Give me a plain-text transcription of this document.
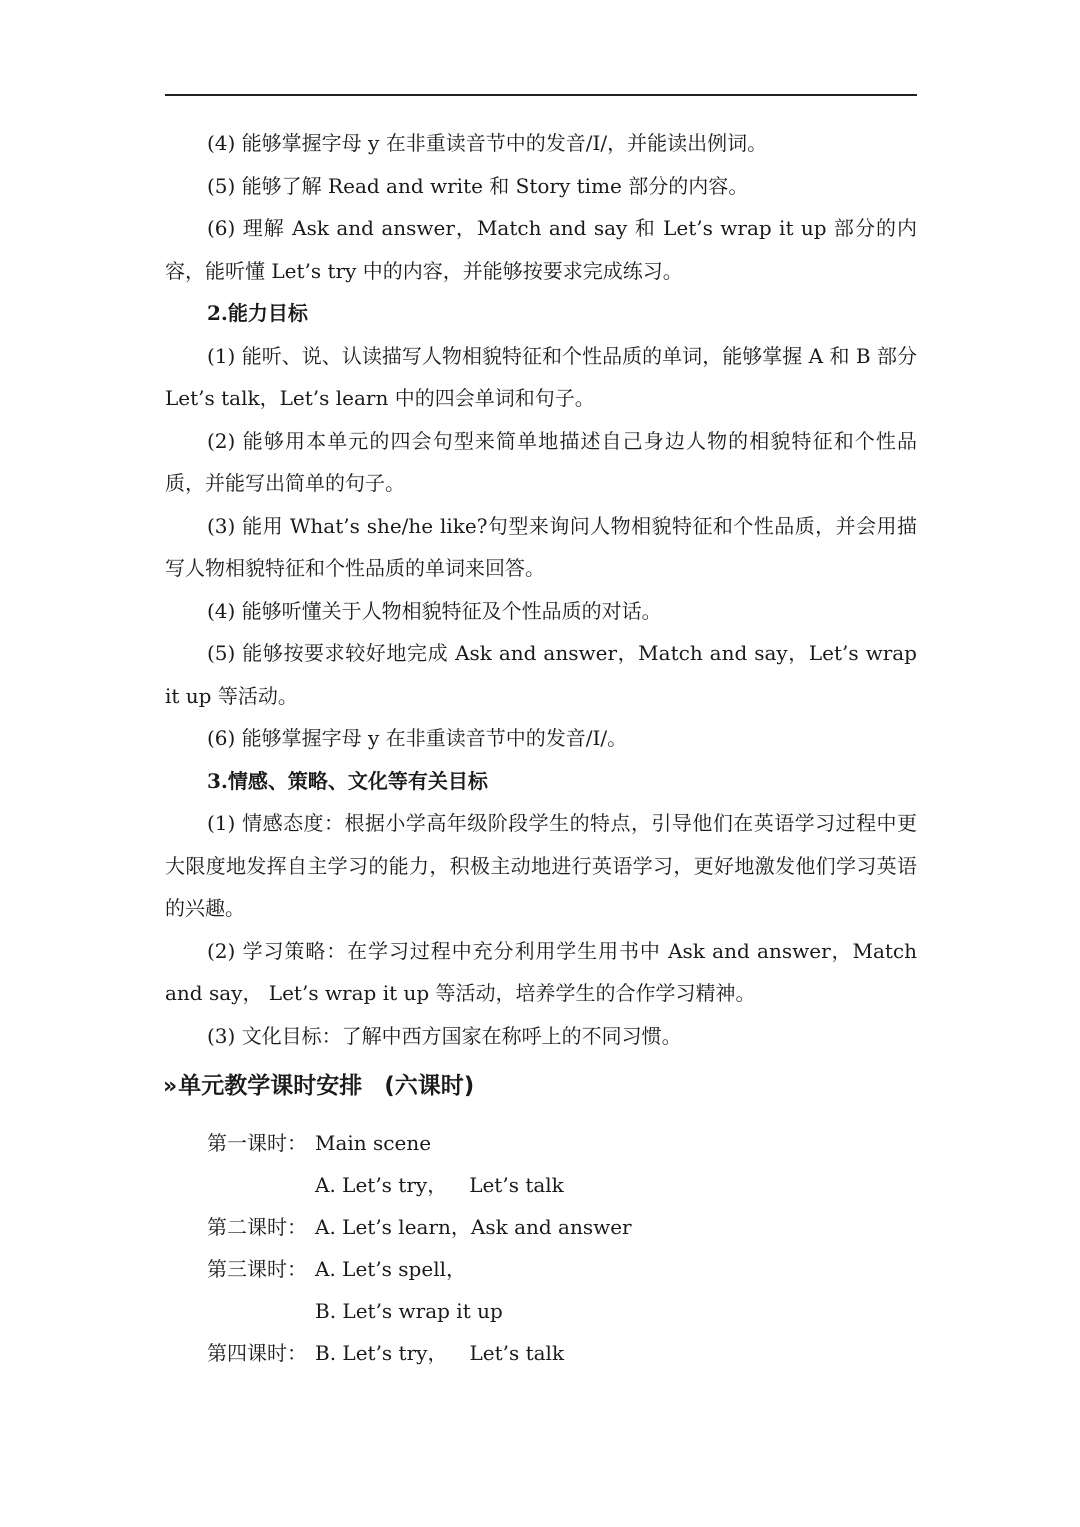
(4) 能够掌握字母 y 在非重读音节中的发音/I/，并能读出例词。

(5) 能够了解 Read and write 和 Story time 部分的内容。

(6) 理解 Ask and answer，Match and say 和 Let’s wrap it up 部分的内容，能听懂 Let’s try 中的内容，并能够按要求完成练习。

2.能力目标

(1) 能听、说、认读描写人物相貌特征和个性品质的单词，能够掌握 A 和 B 部分 Let’s talk，Let’s learn 中的四会单词和句子。

(2) 能够用本单元的四会句型来简单地描述自己身边人物的相貌特征和个性品质，并能写出简单的句子。

(3) 能用 What’s she/he like?句型来询问人物相貌特征和个性品质，并会用描写人物相貌特征和个性品质的单词来回答。

(4) 能够听懂关于人物相貌特征及个性品质的对话。

(5) 能够按要求较好地完成 Ask and answer，Match and say，Let’s wrap it up 等活动。

(6) 能够掌握字母 y 在非重读音节中的发音/I/。

3.情感、策略、文化等有关目标

(1) 情感态度：根据小学高年级阶段学生的特点，引导他们在英语学习过程中更大限度地发挥自主学习的能力，积极主动地进行英语学习，更好地激发他们学习英语的兴趣。

(2) 学习策略：在学习过程中充分利用学生用书中 Ask and answer，Match and say， Let’s wrap it up 等活动，培养学生的合作学习精神。

(3) 文化目标：了解中西方国家在称呼上的不同习惯。

» 单元教学课时安排 (六课时)
第一课时： Main scene
A. Let’s try， Let’s talk
第二课时： A. Let’s learn，Ask and answer
第三课时： A. Let’s spell，
B. Let’s wrap it up
第四课时： B. Let’s try， Let’s talk
